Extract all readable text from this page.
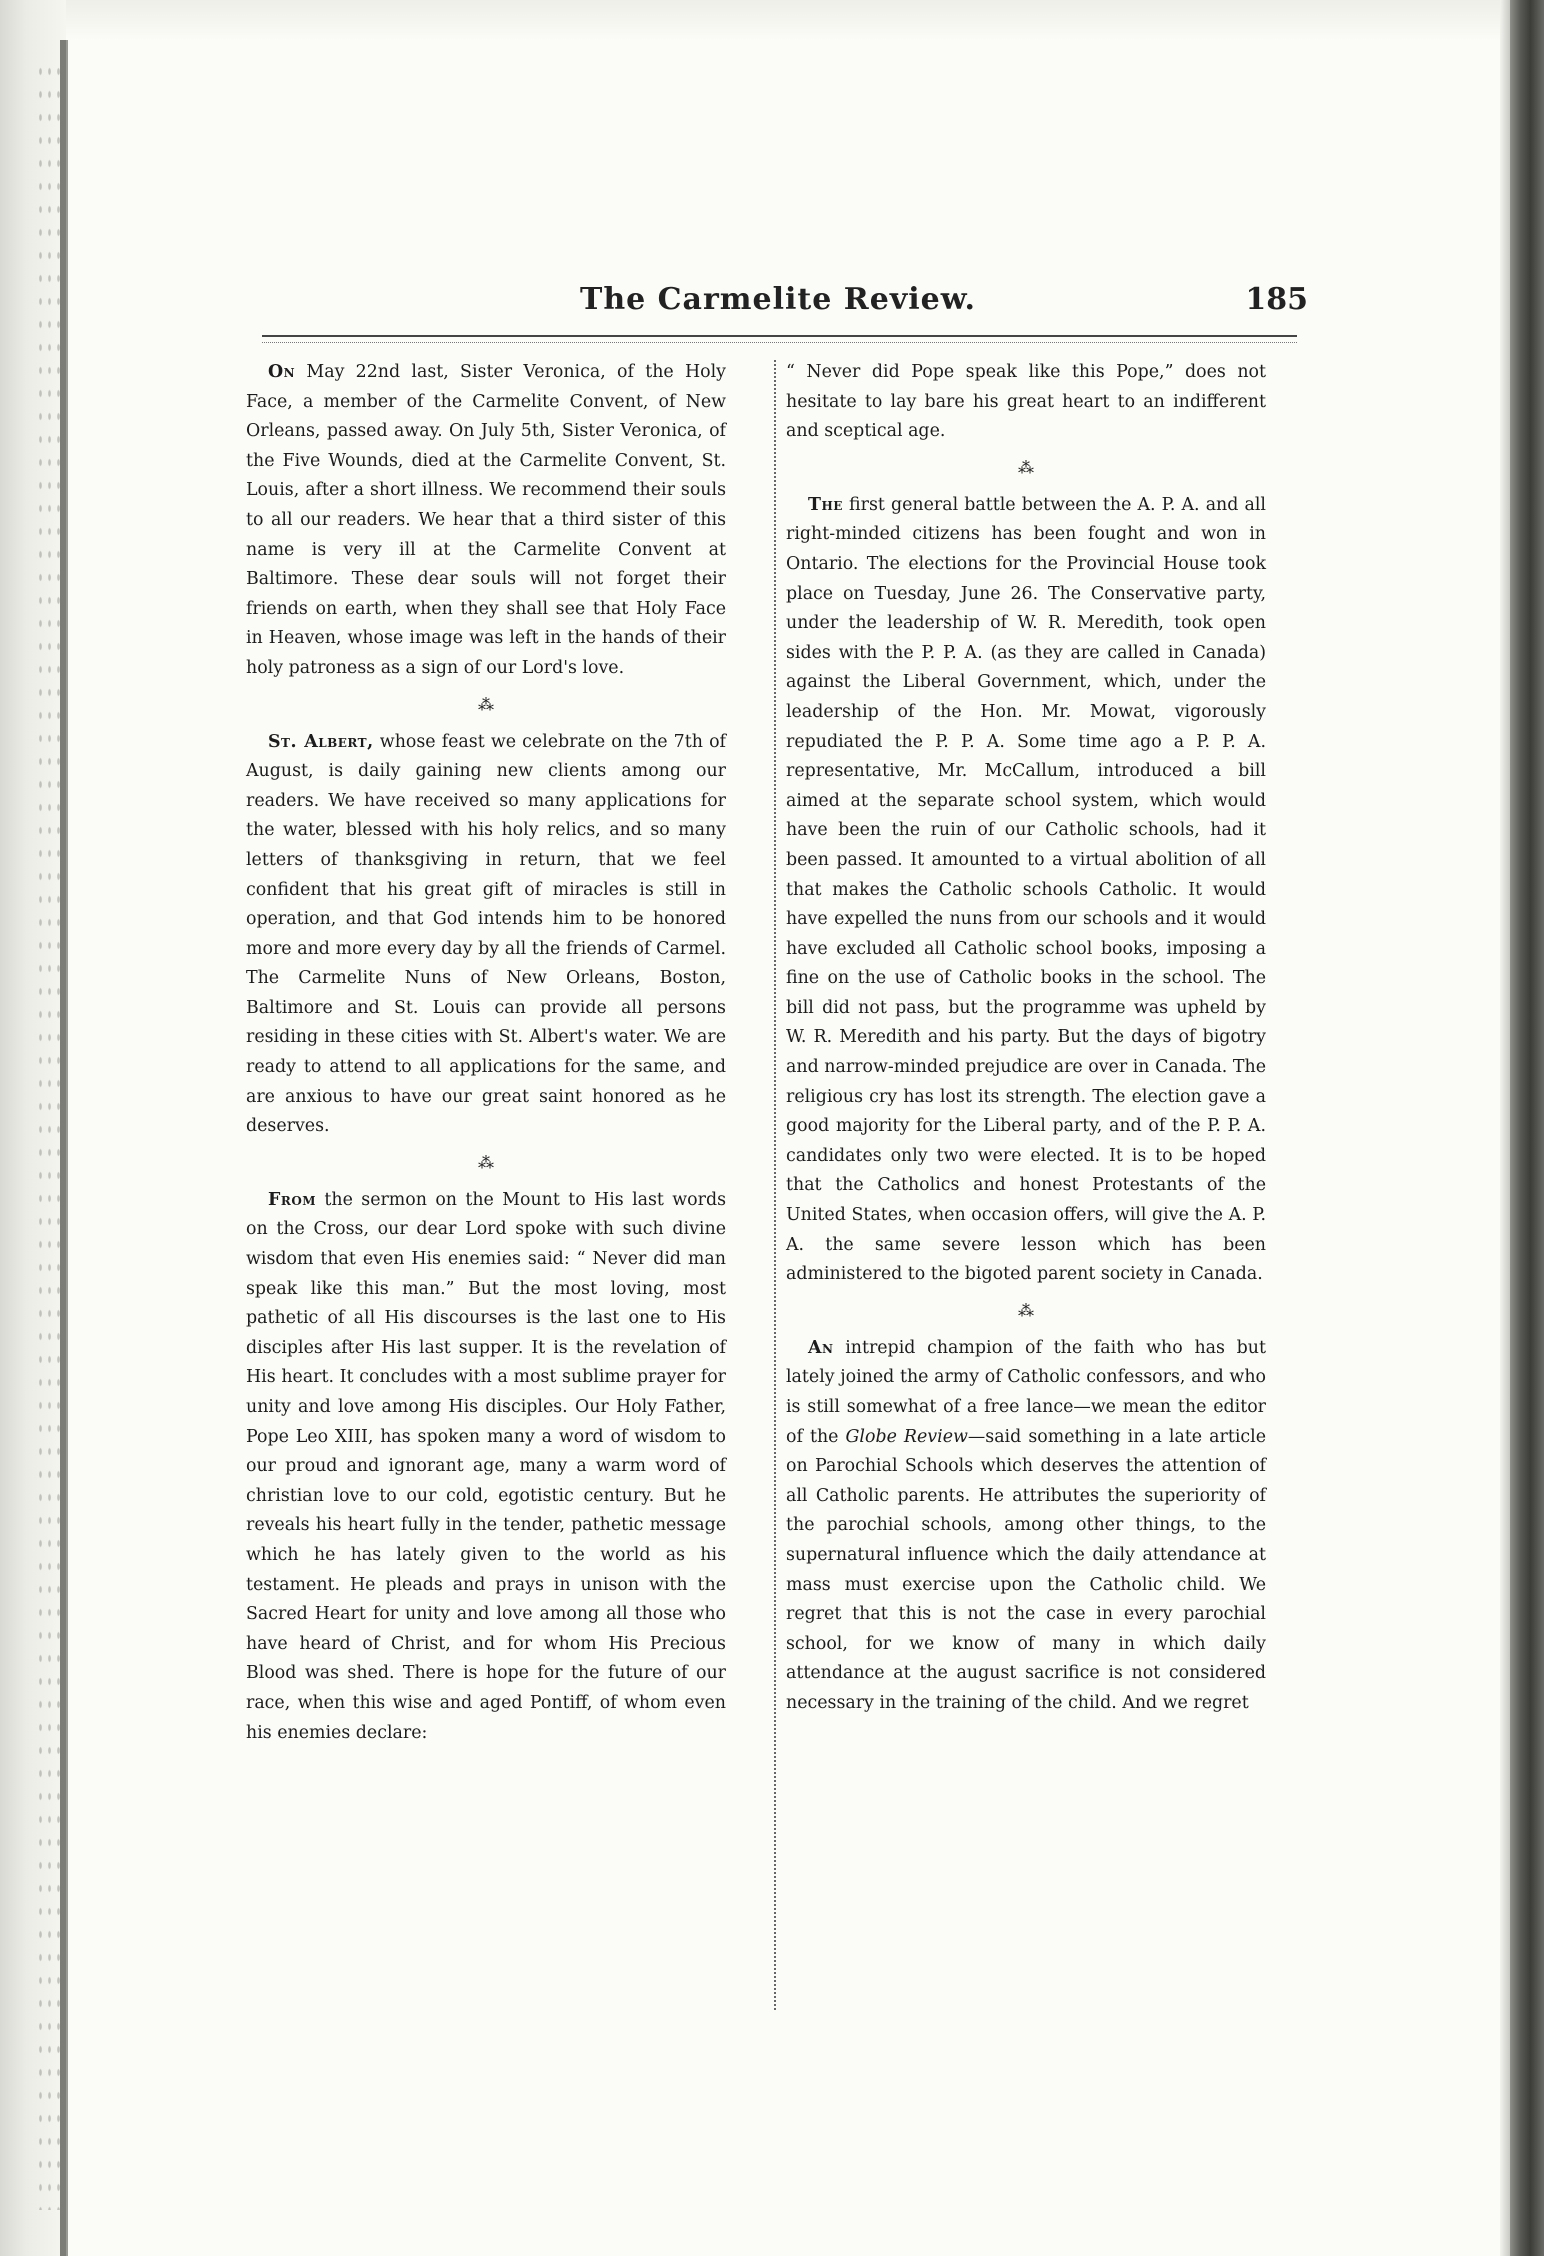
The Carmelite Review.	185

On May 22nd last, Sister Veronica, of the Holy Face, a member of the Carmelite Convent, of New Orleans, passed away. On July 5th, Sister Veronica, of the Five Wounds, died at the Carmelite Convent, St. Louis, after a short illness. We recommend their souls to all our readers. We hear that a third sister of this name is very ill at the Carmelite Convent at Baltimore. These dear souls will not forget their friends on earth, when they shall see that Holy Face in Heaven, whose image was left in the hands of their holy patroness as a sign of our Lord's love.

⁂

St. Albert, whose feast we celebrate on the 7th of August, is daily gaining new clients among our readers. We have received so many applications for the water, blessed with his holy relics, and so many letters of thanksgiving in return, that we feel confident that his great gift of miracles is still in operation, and that God intends him to be honored more and more every day by all the friends of Carmel. The Carmelite Nuns of New Orleans, Boston, Baltimore and St. Louis can provide all persons residing in these cities with St. Albert's water. We are ready to attend to all applications for the same, and are anxious to have our great saint honored as he deserves.

⁂

From the sermon on the Mount to His last words on the Cross, our dear Lord spoke with such divine wisdom that even His enemies said: “ Never did man speak like this man.” But the most loving, most pathetic of all His discourses is the last one to His disciples after His last supper. It is the revelation of His heart. It concludes with a most sublime prayer for unity and love among His disciples. Our Holy Father, Pope Leo XIII, has spoken many a word of wisdom to our proud and ignorant age, many a warm word of christian love to our cold, egotistic century. But he reveals his heart fully in the tender, pathetic message which he has lately given to the world as his testament. He pleads and prays in unison with the Sacred Heart for unity and love among all those who have heard of Christ, and for whom His Precious Blood was shed. There is hope for the future of our race, when this wise and aged Pontiff, of whom even his enemies declare:

“ Never did Pope speak like this Pope,” does not hesitate to lay bare his great heart to an indifferent and sceptical age.

⁂

The first general battle between the A. P. A. and all right-minded citizens has been fought and won in Ontario. The elections for the Provincial House took place on Tuesday, June 26. The Conservative party, under the leadership of W. R. Meredith, took open sides with the P. P. A. (as they are called in Canada) against the Liberal Government, which, under the leadership of the Hon. Mr. Mowat, vigorously repudiated the P. P. A. Some time ago a P. P. A. representative, Mr. McCallum, introduced a bill aimed at the separate school system, which would have been the ruin of our Catholic schools, had it been passed. It amounted to a virtual abolition of all that makes the Catholic schools Catholic. It would have expelled the nuns from our schools and it would have excluded all Catholic school books, imposing a fine on the use of Catholic books in the school. The bill did not pass, but the programme was upheld by W. R. Meredith and his party. But the days of bigotry and narrow-minded prejudice are over in Canada. The religious cry has lost its strength. The election gave a good majority for the Liberal party, and of the P. P. A. candidates only two were elected. It is to be hoped that the Catholics and honest Protestants of the United States, when occasion offers, will give the A. P. A. the same severe lesson which has been administered to the bigoted parent society in Canada.

⁂

An intrepid champion of the faith who has but lately joined the army of Catholic confessors, and who is still somewhat of a free lance—we mean the editor of the Globe Review—said something in a late article on Parochial Schools which deserves the attention of all Catholic parents. He attributes the superiority of the parochial schools, among other things, to the supernatural influence which the daily attendance at mass must exercise upon the Catholic child. We regret that this is not the case in every parochial school, for we know of many in which daily attendance at the august sacrifice is not considered necessary in the training of the child. And we regret
